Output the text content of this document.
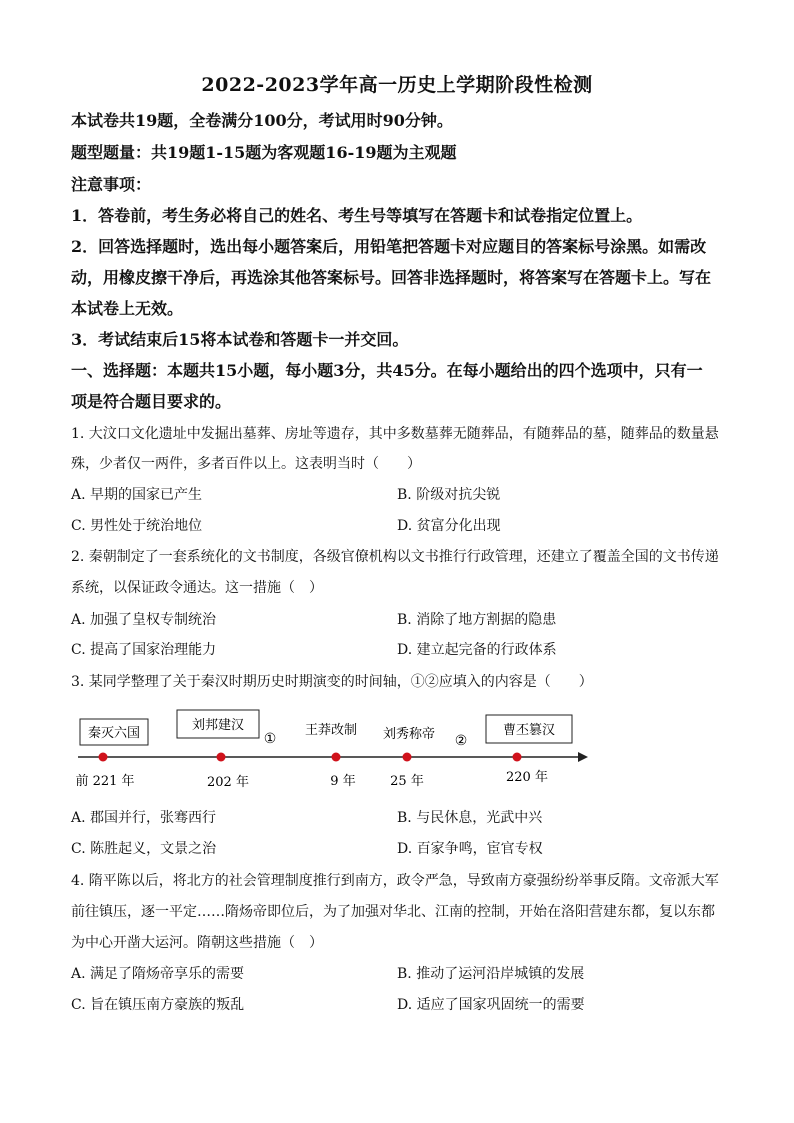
2022-2023学年高一历史上学期阶段性检测
本试卷共19题，全卷满分100分，考试用时90分钟。
题型题量：共19题1-15题为客观题16-19题为主观题
注意事项：
1．答卷前，考生务必将自己的姓名、考生号等填写在答题卡和试卷指定位置上。
2．回答选择题时，选出每小题答案后，用铅笔把答题卡对应题目的答案标号涂黑。如需改
动，用橡皮擦干净后，再选涂其他答案标号。回答非选择题时，将答案写在答题卡上。写在
本试卷上无效。
3．考试结束后15将本试卷和答题卡一并交回。
一、选择题：本题共15小题，每小题3分，共45分。在每小题给出的四个选项中，只有一
项是符合题目要求的。
1. 大汶口文化遗址中发掘出墓葬、房址等遗存，其中多数墓葬无随葬品，有随葬品的墓，随葬品的数量悬
殊，少者仅一两件，多者百件以上。这表明当时（　　）
A. 早期的国家已产生	B. 阶级对抗尖锐
C. 男性处于统治地位	D. 贫富分化出现
2. 秦朝制定了一套系统化的文书制度，各级官僚机构以文书推行行政管理，还建立了覆盖全国的文书传递
系统，以保证政令通达。这一措施（　）
A. 加强了皇权专制统治	B. 消除了地方割据的隐患
C. 提高了国家治理能力	D. 建立起完备的行政体系
3. 某同学整理了关于秦汉时期历史时期演变的时间轴，①②应填入的内容是（　　）
秦灭六国
刘邦建汉
①
王莽改制 刘秀称帝 ②
曹丕篡汉
前 221 年	202 年	9 年	25 年	220 年
A. 郡国并行，张骞西行	B. 与民休息，光武中兴
C. 陈胜起义，文景之治	D. 百家争鸣，宦官专权
4. 隋平陈以后，将北方的社会管理制度推行到南方，政令严急，导致南方豪强纷纷举事反隋。文帝派大军
前往镇压，逐一平定……隋炀帝即位后，为了加强对华北、江南的控制，开始在洛阳营建东都，复以东都
为中心开凿大运河。隋朝这些措施（　）
A. 满足了隋炀帝享乐的需要	B. 推动了运河沿岸城镇的发展
C. 旨在镇压南方豪族的叛乱	D. 适应了国家巩固统一的需要
